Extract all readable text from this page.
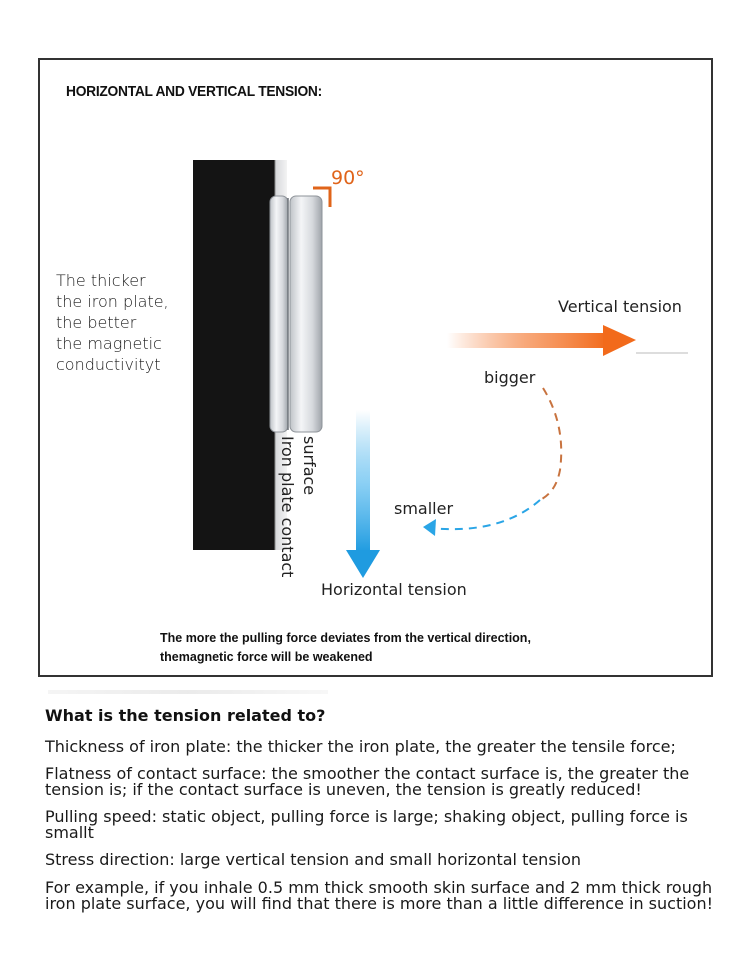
HORIZONTAL AND VERTICAL TENSION:
The thicker
the iron plate,
the better
the magnetic
conductivityt
90°
Vertical tension
bigger
smaller
Horizontal tension
surface
Iron plate contact
The more the pulling force deviates from the vertical direction,
themagnetic force will be weakened
What is the tension related to?
Thickness of iron plate: the thicker the iron plate, the greater the tensile force;
Flatness of contact surface: the smoother the contact surface is, the greater the tension is; if the contact surface is uneven, the tension is greatly reduced!
Pulling speed: static object, pulling force is large; shaking object, pulling force is smallt
Stress direction: large vertical tension and small horizontal tension
For example, if you inhale 0.5 mm thick smooth skin surface and 2 mm thick rough iron plate surface, you will find that there is more than a little difference in suction!
